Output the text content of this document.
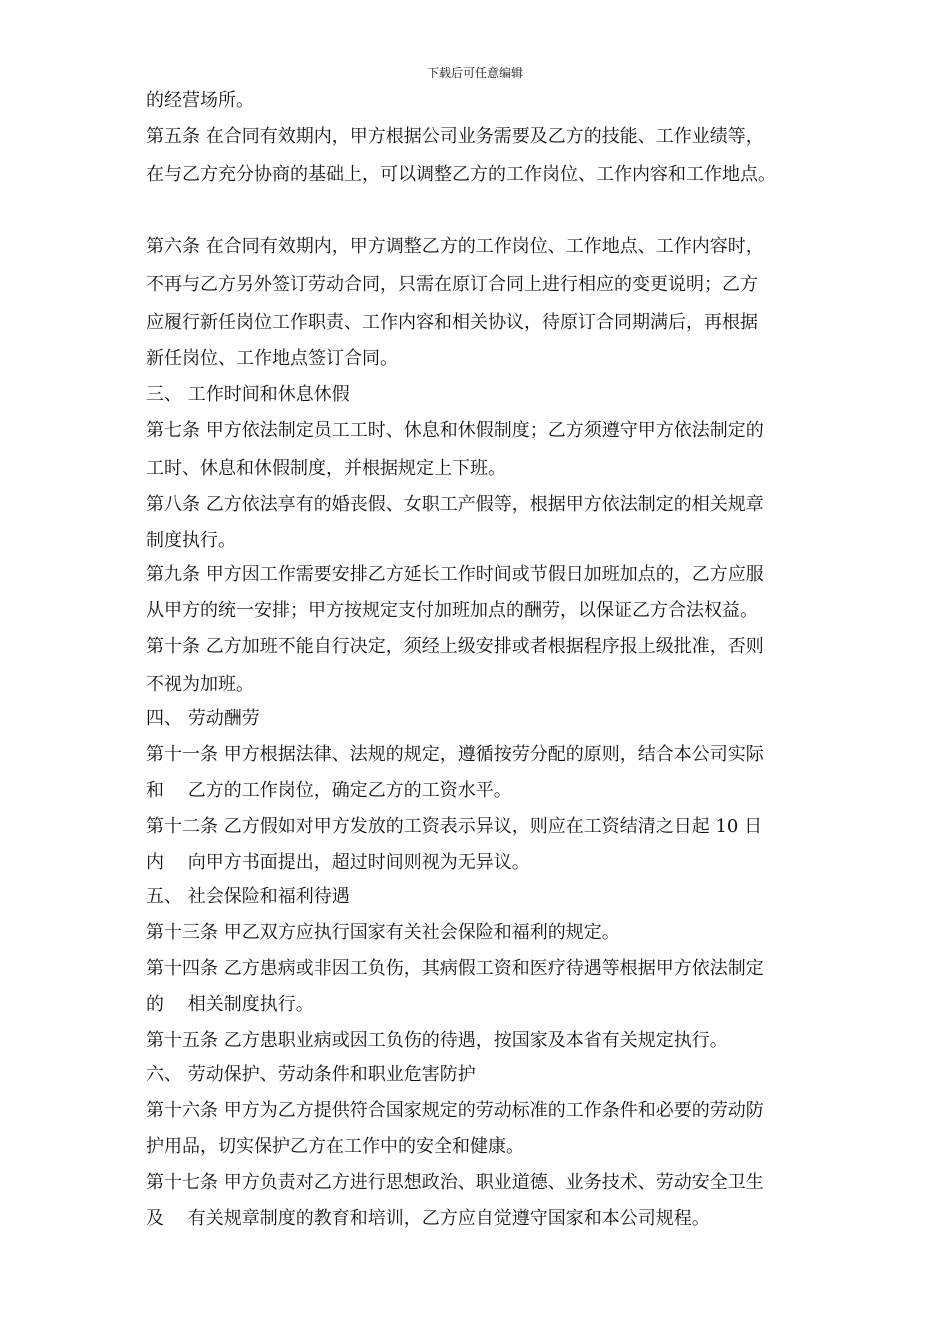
下载后可任意编辑
的经营场所。
第五条 在合同有效期内，甲方根据公司业务需要及乙方的技能、工作业绩等，
在与乙方充分协商的基础上，可以调整乙方的工作岗位、工作内容和工作地点。
第六条 在合同有效期内，甲方调整乙方的工作岗位、工作地点、工作内容时，
不再与乙方另外签订劳动合同，只需在原订合同上进行相应的变更说明；乙方
应履行新任岗位工作职责、工作内容和相关协议，待原订合同期满后，再根据
新任岗位、工作地点签订合同。
三、 工作时间和休息休假
第七条 甲方依法制定员工工时、休息和休假制度；乙方须遵守甲方依法制定的
工时、休息和休假制度，并根据规定上下班。
第八条 乙方依法享有的婚丧假、女职工产假等，根据甲方依法制定的相关规章
制度执行。
第九条 甲方因工作需要安排乙方延长工作时间或节假日加班加点的，乙方应服
从甲方的统一安排；甲方按规定支付加班加点的酬劳，以保证乙方合法权益。
第十条 乙方加班不能自行决定，须经上级安排或者根据程序报上级批准，否则
不视为加班。
四、 劳动酬劳
第十一条 甲方根据法律、法规的规定，遵循按劳分配的原则，结合本公司实际
和　 乙方的工作岗位，确定乙方的工资水平。
第十二条 乙方假如对甲方发放的工资表示异议，则应在工资结清之日起 10 日
内　 向甲方书面提出，超过时间则视为无异议。
五、 社会保险和福利待遇
第十三条 甲乙双方应执行国家有关社会保险和福利的规定。
第十四条 乙方患病或非因工负伤，其病假工资和医疗待遇等根据甲方依法制定
的　 相关制度执行。
第十五条 乙方患职业病或因工负伤的待遇，按国家及本省有关规定执行。
六、 劳动保护、劳动条件和职业危害防护
第十六条 甲方为乙方提供符合国家规定的劳动标准的工作条件和必要的劳动防
护用品，切实保护乙方在工作中的安全和健康。
第十七条 甲方负责对乙方进行思想政治、职业道德、业务技术、劳动安全卫生
及　 有关规章制度的教育和培训，乙方应自觉遵守国家和本公司规程。
